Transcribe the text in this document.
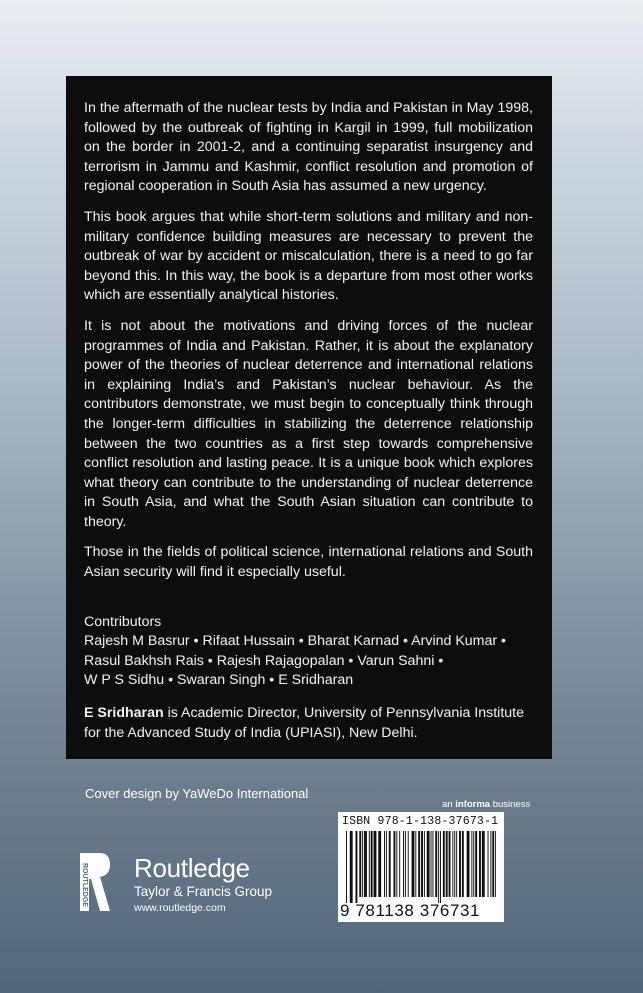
In the aftermath of the nuclear tests by India and Pakistan in May 1998, followed by the outbreak of fighting in Kargil in 1999, full mobilization on the border in 2001-2, and a continuing separatist insurgency and terrorism in Jammu and Kashmir, conflict resolution and promotion of regional cooperation in South Asia has assumed a new urgency.

This book argues that while short-term solutions and military and non-military confidence building measures are necessary to prevent the outbreak of war by accident or miscalculation, there is a need to go far beyond this. In this way, the book is a departure from most other works which are essentially analytical histories.

It is not about the motivations and driving forces of the nuclear programmes of India and Pakistan. Rather, it is about the explanatory power of the theories of nuclear deterrence and international relations in explaining India’s and Pakistan’s nuclear behaviour. As the contributors demonstrate, we must begin to conceptually think through the longer-term difficulties in stabilizing the deterrence relationship between the two countries as a first step towards comprehensive conflict resolution and lasting peace. It is a unique book which explores what theory can contribute to the understanding of nuclear deterrence in South Asia, and what the South Asian situation can contribute to theory.

Those in the fields of political science, international relations and South Asian security will find it especially useful.

Contributors
Rajesh M Basrur • Rifaat Hussain • Bharat Karnad • Arvind Kumar •
Rasul Bakhsh Rais • Rajesh Rajagopalan • Varun Sahni •
W P S Sidhu • Swaran Singh • E Sridharan
E Sridharan is Academic Director, University of Pennsylvania Institute for the Advanced Study of India (UPIASI), New Delhi.
Cover design by YaWeDo International
an informa business
ISBN 978-1-138-37673-1
9 781138 376731
ROUTLEDGE Routledge
Taylor & Francis Group
www.routledge.com
